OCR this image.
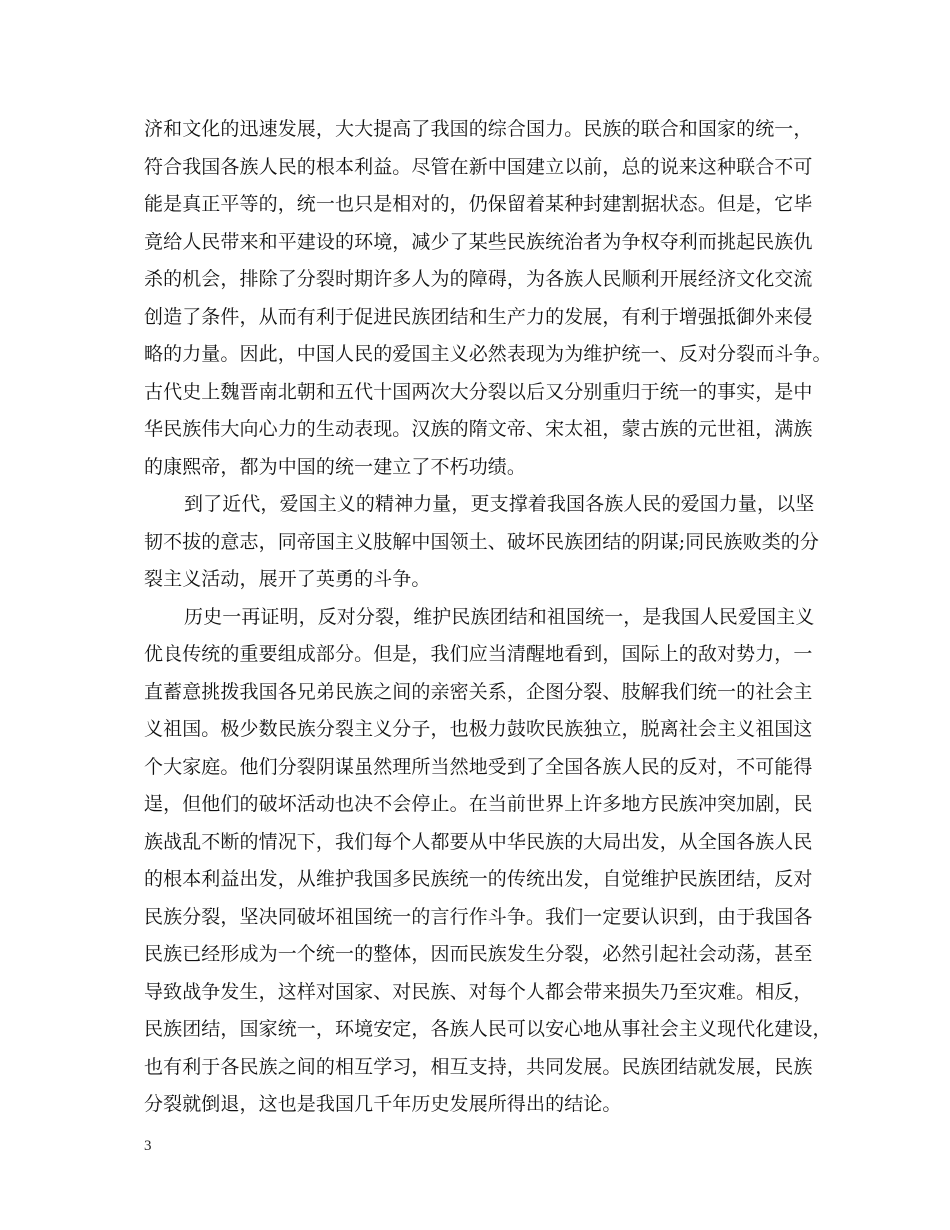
济和文化的迅速发展，大大提高了我国的综合国力。民族的联合和国家的统一，
符合我国各族人民的根本利益。尽管在新中国建立以前，总的说来这种联合不可
能是真正平等的，统一也只是相对的，仍保留着某种封建割据状态。但是，它毕
竟给人民带来和平建设的环境，减少了某些民族统治者为争权夺利而挑起民族仇
杀的机会，排除了分裂时期许多人为的障碍，为各族人民顺利开展经济文化交流
创造了条件，从而有利于促进民族团结和生产力的发展，有利于增强抵御外来侵
略的力量。因此，中国人民的爱国主义必然表现为为维护统一、反对分裂而斗争。
古代史上魏晋南北朝和五代十国两次大分裂以后又分别重归于统一的事实，是中
华民族伟大向心力的生动表现。汉族的隋文帝、宋太祖，蒙古族的元世祖，满族
的康熙帝，都为中国的统一建立了不朽功绩。
到了近代，爱国主义的精神力量，更支撑着我国各族人民的爱国力量，以坚
韧不拔的意志，同帝国主义肢解中国领土、破坏民族团结的阴谋;同民族败类的分
裂主义活动，展开了英勇的斗争。
历史一再证明，反对分裂，维护民族团结和祖国统一，是我国人民爱国主义
优良传统的重要组成部分。但是，我们应当清醒地看到，国际上的敌对势力，一
直蓄意挑拨我国各兄弟民族之间的亲密关系，企图分裂、肢解我们统一的社会主
义祖国。极少数民族分裂主义分子，也极力鼓吹民族独立，脱离社会主义祖国这
个大家庭。他们分裂阴谋虽然理所当然地受到了全国各族人民的反对，不可能得
逞，但他们的破坏活动也决不会停止。在当前世界上许多地方民族冲突加剧，民
族战乱不断的情况下，我们每个人都要从中华民族的大局出发，从全国各族人民
的根本利益出发，从维护我国多民族统一的传统出发，自觉维护民族团结，反对
民族分裂，坚决同破坏祖国统一的言行作斗争。我们一定要认识到，由于我国各
民族已经形成为一个统一的整体，因而民族发生分裂，必然引起社会动荡，甚至
导致战争发生，这样对国家、对民族、对每个人都会带来损失乃至灾难。相反，
民族团结，国家统一，环境安定，各族人民可以安心地从事社会主义现代化建设，
也有利于各民族之间的相互学习，相互支持，共同发展。民族团结就发展，民族
分裂就倒退，这也是我国几千年历史发展所得出的结论。
3
